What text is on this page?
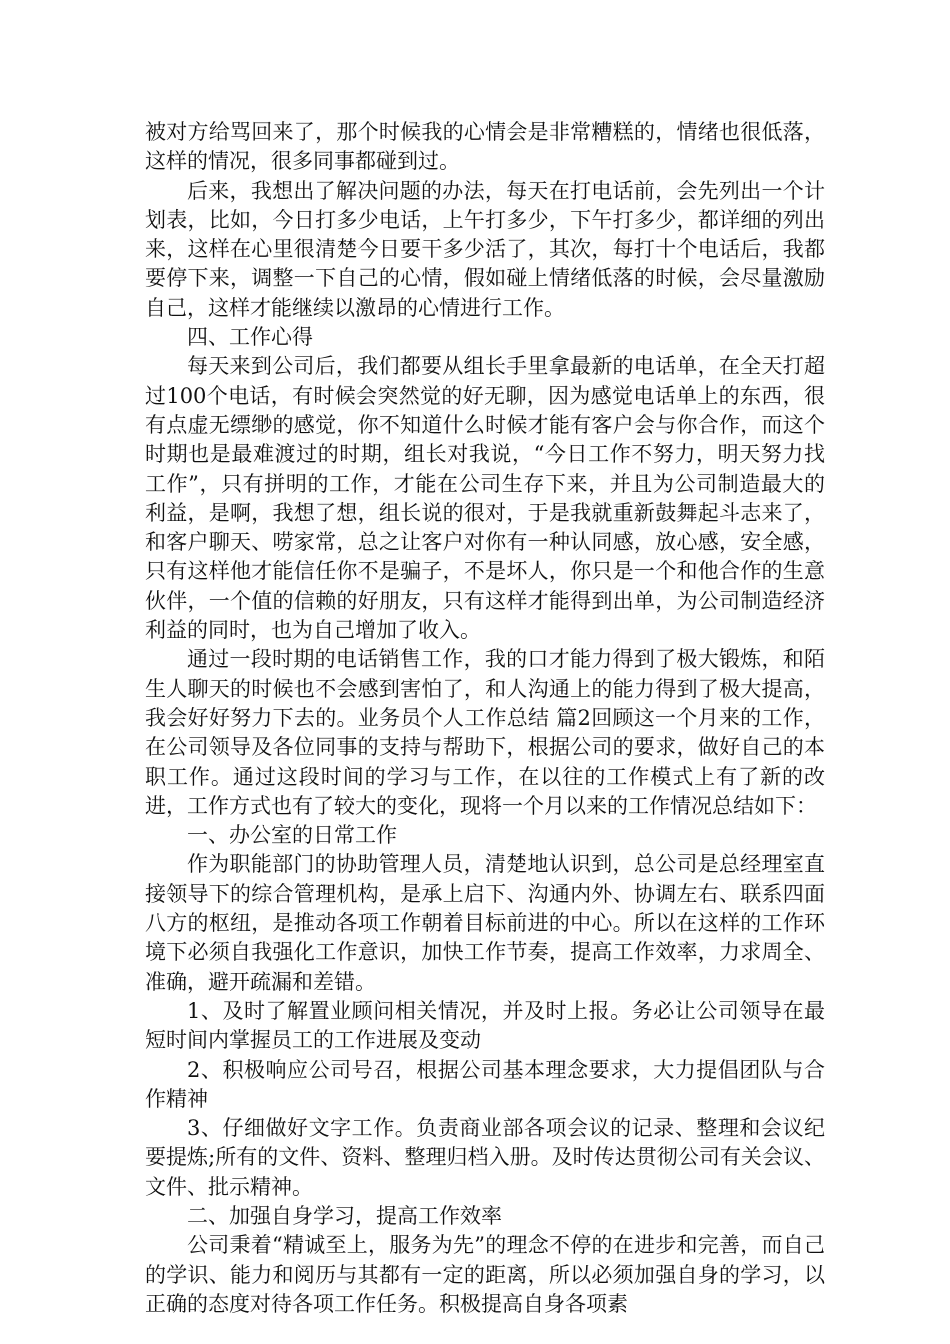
被对方给骂回来了，那个时候我的心情会是非常糟糕的，情绪也很低落，这样的情况，很多同事都碰到过。

后来，我想出了解决问题的办法，每天在打电话前，会先列出一个计划表，比如，今日打多少电话，上午打多少，下午打多少，都详细的列出来，这样在心里很清楚今日要干多少活了，其次，每打十个电话后，我都要停下来，调整一下自己的心情，假如碰上情绪低落的时候，会尽量激励自己，这样才能继续以激昂的心情进行工作。

四、工作心得

每天来到公司后，我们都要从组长手里拿最新的电话单，在全天打超过100个电话，有时候会突然觉的好无聊，因为感觉电话单上的东西，很有点虚无缥缈的感觉，你不知道什么时候才能有客户会与你合作，而这个时期也是最难渡过的时期，组长对我说，“今日工作不努力，明天努力找工作”，只有拼明的工作，才能在公司生存下来，并且为公司制造最大的利益，是啊，我想了想，组长说的很对，于是我就重新鼓舞起斗志来了，和客户聊天、唠家常，总之让客户对你有一种认同感，放心感，安全感，只有这样他才能信任你不是骗子，不是坏人，你只是一个和他合作的生意伙伴，一个值的信赖的好朋友，只有这样才能得到出单，为公司制造经济利益的同时，也为自己增加了收入。

通过一段时期的电话销售工作，我的口才能力得到了极大锻炼，和陌生人聊天的时候也不会感到害怕了，和人沟通上的能力得到了极大提高，我会好好努力下去的。业务员个人工作总结 篇2回顾这一个月来的工作，在公司领导及各位同事的支持与帮助下，根据公司的要求，做好自己的本职工作。通过这段时间的学习与工作，在以往的工作模式上有了新的改进，工作方式也有了较大的变化，现将一个月以来的工作情况总结如下：

一、办公室的日常工作

作为职能部门的协助管理人员，清楚地认识到，总公司是总经理室直接领导下的综合管理机构，是承上启下、沟通内外、协调左右、联系四面八方的枢纽，是推动各项工作朝着目标前进的中心。所以在这样的工作环境下必须自我强化工作意识，加快工作节奏，提高工作效率，力求周全、准确，避开疏漏和差错。

1、及时了解置业顾问相关情况，并及时上报。务必让公司领导在最短时间内掌握员工的工作进展及变动

2、积极响应公司号召，根据公司基本理念要求，大力提倡团队与合作精神

3、仔细做好文字工作。负责商业部各项会议的记录、整理和会议纪要提炼;所有的文件、资料、整理归档入册。及时传达贯彻公司有关会议、文件、批示精神。

二、加强自身学习，提高工作效率

公司秉着“精诚至上，服务为先”的理念不停的在进步和完善，而自己的学识、能力和阅历与其都有一定的距离，所以必须加强自身的学习，以正确的态度对待各项工作任务。积极提高自身各项素
